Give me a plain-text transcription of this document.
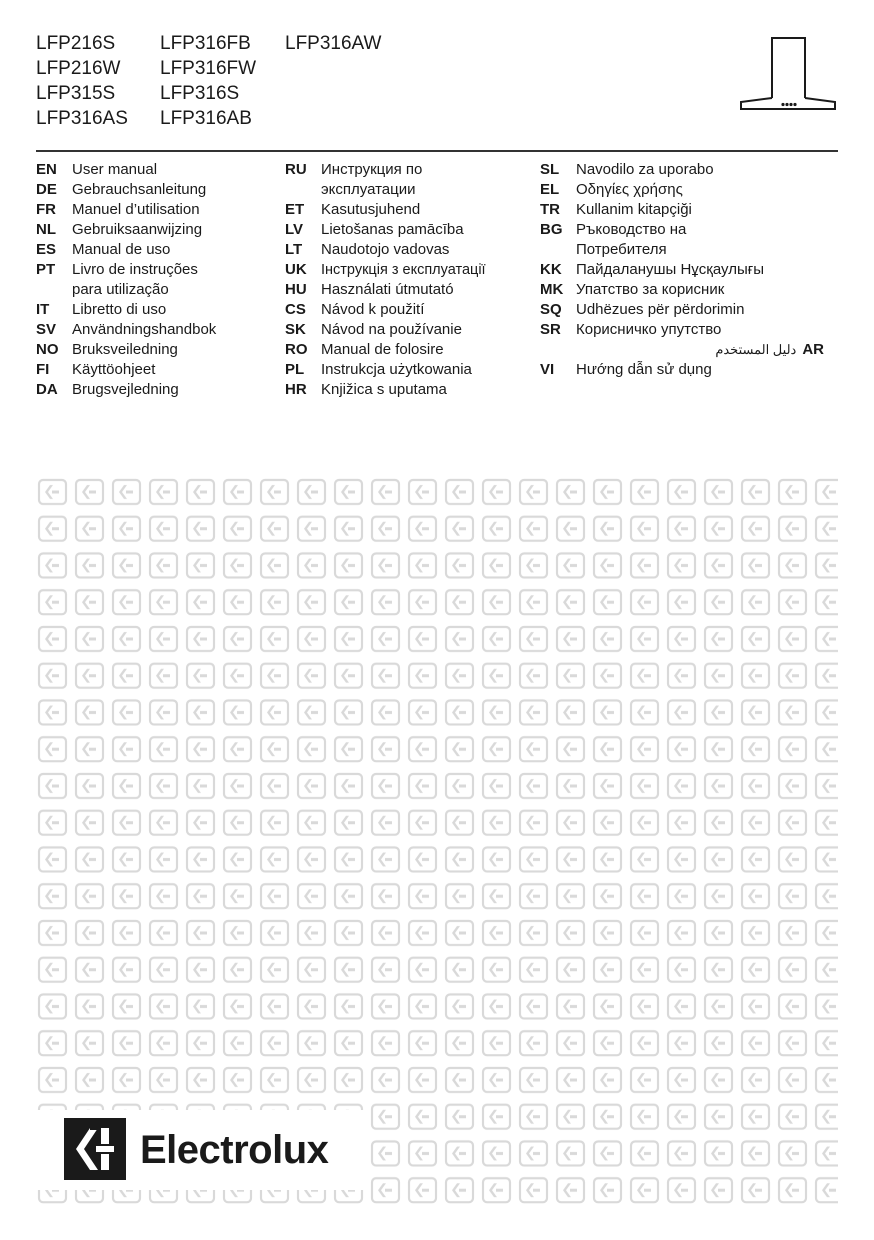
LFP216S
LFP216W
LFP315S
LFP316AS
LFP316FB
LFP316FW
LFP316S
LFP316AB
LFP316AW
EN	User manual
DE	Gebrauchsanleitung
FR	Manuel d’utilisation
NL	Gebruiksaanwijzing
ES	Manual de uso
PT	Livro de instruções para utilização
IT	Libretto di uso
SV	Användningshandbok
NO Bruksveiledning
FI	Käyttöohjeet
DA Brugsvejledning
RU Инструкция по эксплуатации
ET	Kasutusjuhend
LV	Lietošanas pamācība
LT	Naudotojo vadovas
UK Інструкція з експлуатації
HU Használati útmutató
CS	Návod k použití
SK	Návod na používanie
RO Manual de folosire
PL	Instrukcja użytkowania
HR Knjižica s uputama
SL	Navodilo za uporabo
EL	Οδηγίες χρήσης
TR	Kullanim kitapçiği
BG Ръководство на Потребителя
KK Пайдаланушы Нұсқаулығы
MK Упатство за корисник
SQ Udhëzues për përdorimin
SR	Корисничко упутство
دليل المستخدم AR
VI	Hướng dẫn sử dụng
Electrolux
